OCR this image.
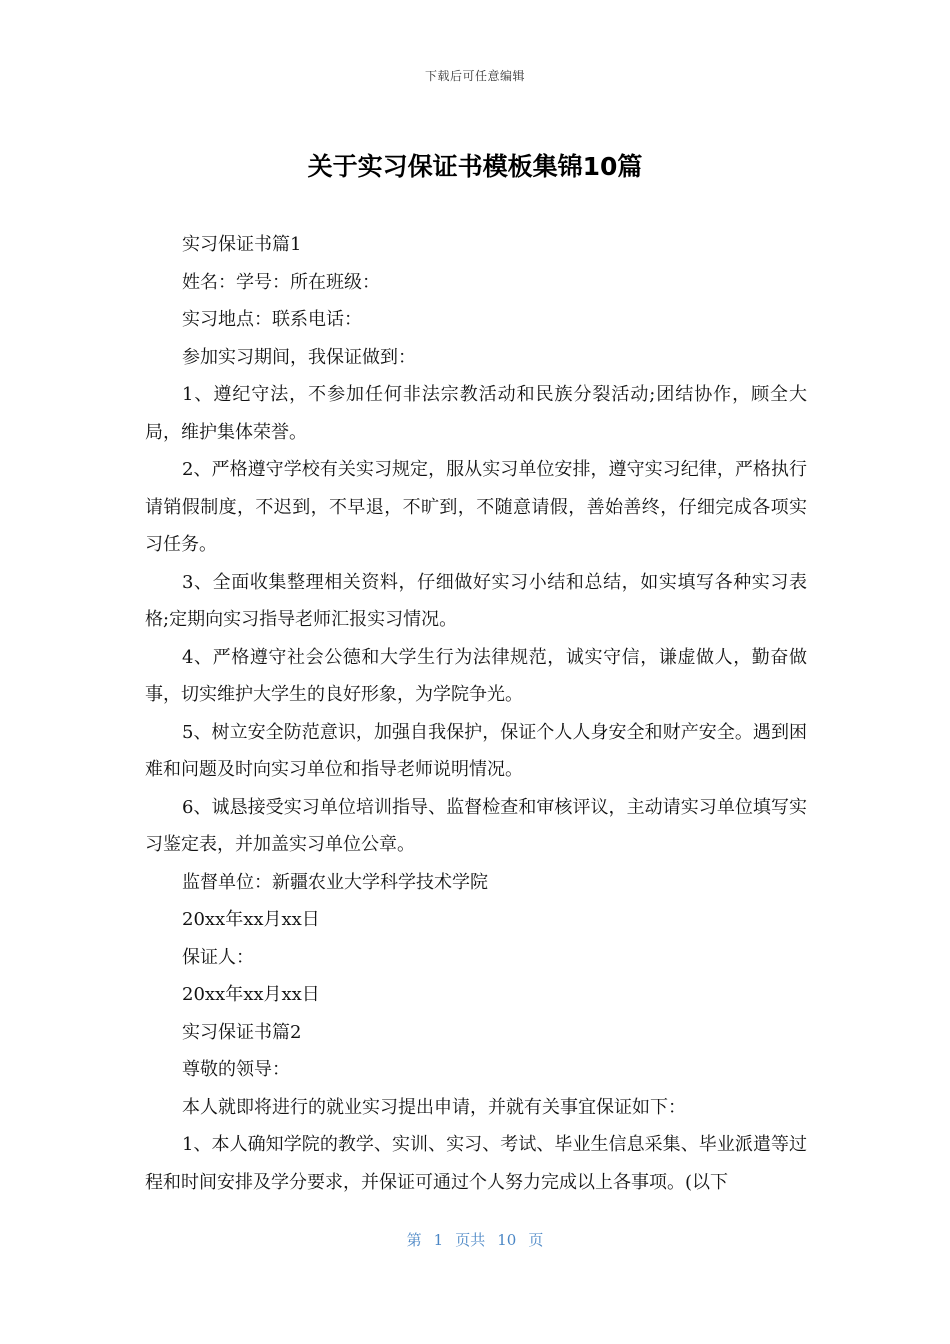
下载后可任意编辑
关于实习保证书模板集锦10篇

实习保证书篇1

姓名：学号：所在班级：

实习地点：联系电话：

参加实习期间，我保证做到：

1、遵纪守法，不参加任何非法宗教活动和民族分裂活动;团结协作，顾全大局，维护集体荣誉。

2、严格遵守学校有关实习规定，服从实习单位安排，遵守实习纪律，严格执行请销假制度，不迟到，不早退，不旷到，不随意请假，善始善终，仔细完成各项实习任务。

3、全面收集整理相关资料，仔细做好实习小结和总结，如实填写各种实习表格;定期向实习指导老师汇报实习情况。

4、严格遵守社会公德和大学生行为法律规范，诚实守信，谦虚做人，勤奋做事，切实维护大学生的良好形象，为学院争光。

5、树立安全防范意识，加强自我保护，保证个人人身安全和财产安全。遇到困难和问题及时向实习单位和指导老师说明情况。

6、诚恳接受实习单位培训指导、监督检查和审核评议，主动请实习单位填写实习鉴定表，并加盖实习单位公章。

监督单位：新疆农业大学科学技术学院

20xx年xx月xx日

保证人：

20xx年xx月xx日

实习保证书篇2

尊敬的领导：

本人就即将进行的就业实习提出申请，并就有关事宜保证如下：

1、本人确知学院的教学、实训、实习、考试、毕业生信息采集、毕业派遣等过程和时间安排及学分要求，并保证可通过个人努力完成以上各事项。(以下

第 1 页共 10 页
